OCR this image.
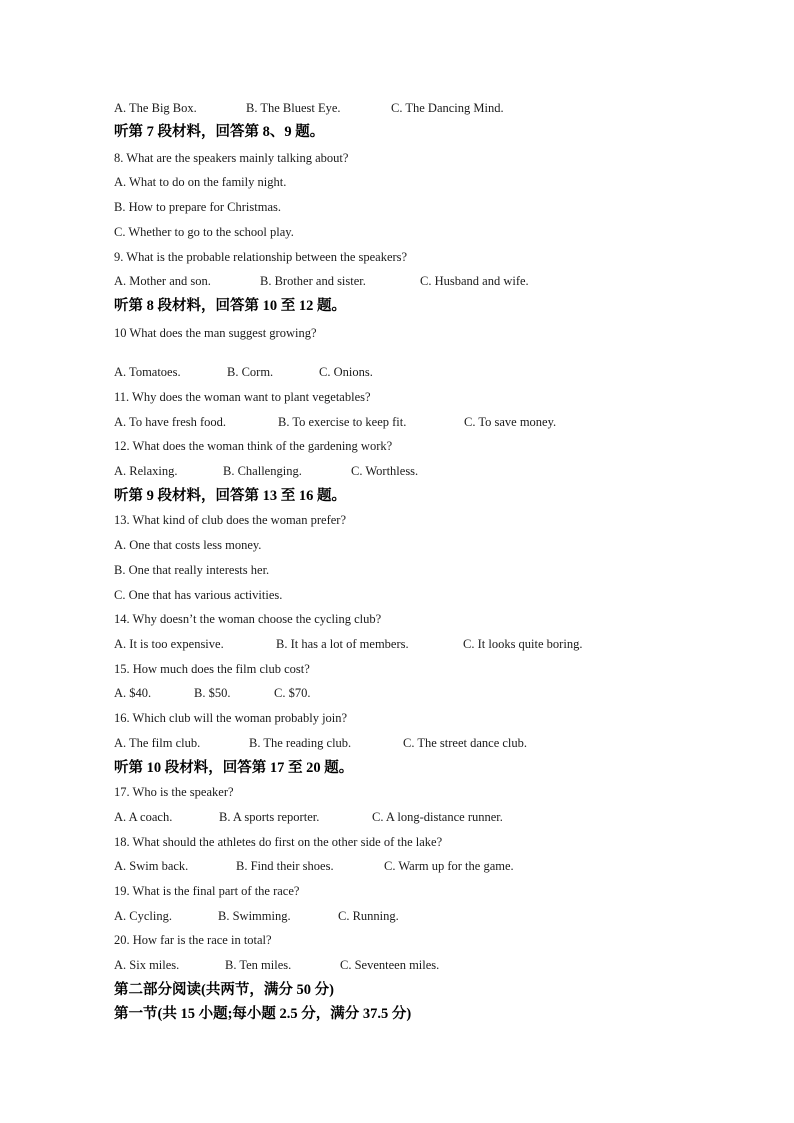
A. The Big Box.	B. The Bluest Eye.	C. The Dancing Mind.
听第 7 段材料，回答第 8、9 题。
8. What are the speakers mainly talking about?
A. What to do on the family night.
B. How to prepare for Christmas.
C. Whether to go to the school play.
9. What is the probable relationship between the speakers?
A. Mother and son.	B. Brother and sister.	C. Husband and wife.
听第 8 段材料，回答第 10 至 12 题。
10 What does the man suggest growing?
A. Tomatoes.	B. Corm.	C. Onions.
11. Why does the woman want to plant vegetables?
A. To have fresh food.	B. To exercise to keep fit.	C. To save money.
12. What does the woman think of the gardening work?
A. Relaxing.	B. Challenging.	C. Worthless.
听第 9 段材料，回答第 13 至 16 题。
13. What kind of club does the woman prefer?
A. One that costs less money.
B. One that really interests her.
C. One that has various activities.
14. Why doesn’t the woman choose the cycling club?
A. It is too expensive.	B. It has a lot of members.	C. It looks quite boring.
15. How much does the film club cost?
A. $40.	B. $50.	C. $70.
16. Which club will the woman probably join?
A. The film club.	B. The reading club.	C. The street dance club.
听第 10 段材料，回答第 17 至 20 题。
17. Who is the speaker?
A. A coach.	B. A sports reporter.	C. A long-distance runner.
18. What should the athletes do first on the other side of the lake?
A. Swim back.	B. Find their shoes.	C. Warm up for the game.
19. What is the final part of the race?
A. Cycling.	B. Swimming.	C. Running.
20. How far is the race in total?
A. Six miles.	B. Ten miles.	C. Seventeen miles.
第二部分阅读(共两节，满分 50 分)
第一节(共 15 小题;每小题 2.5 分，满分 37.5 分)
